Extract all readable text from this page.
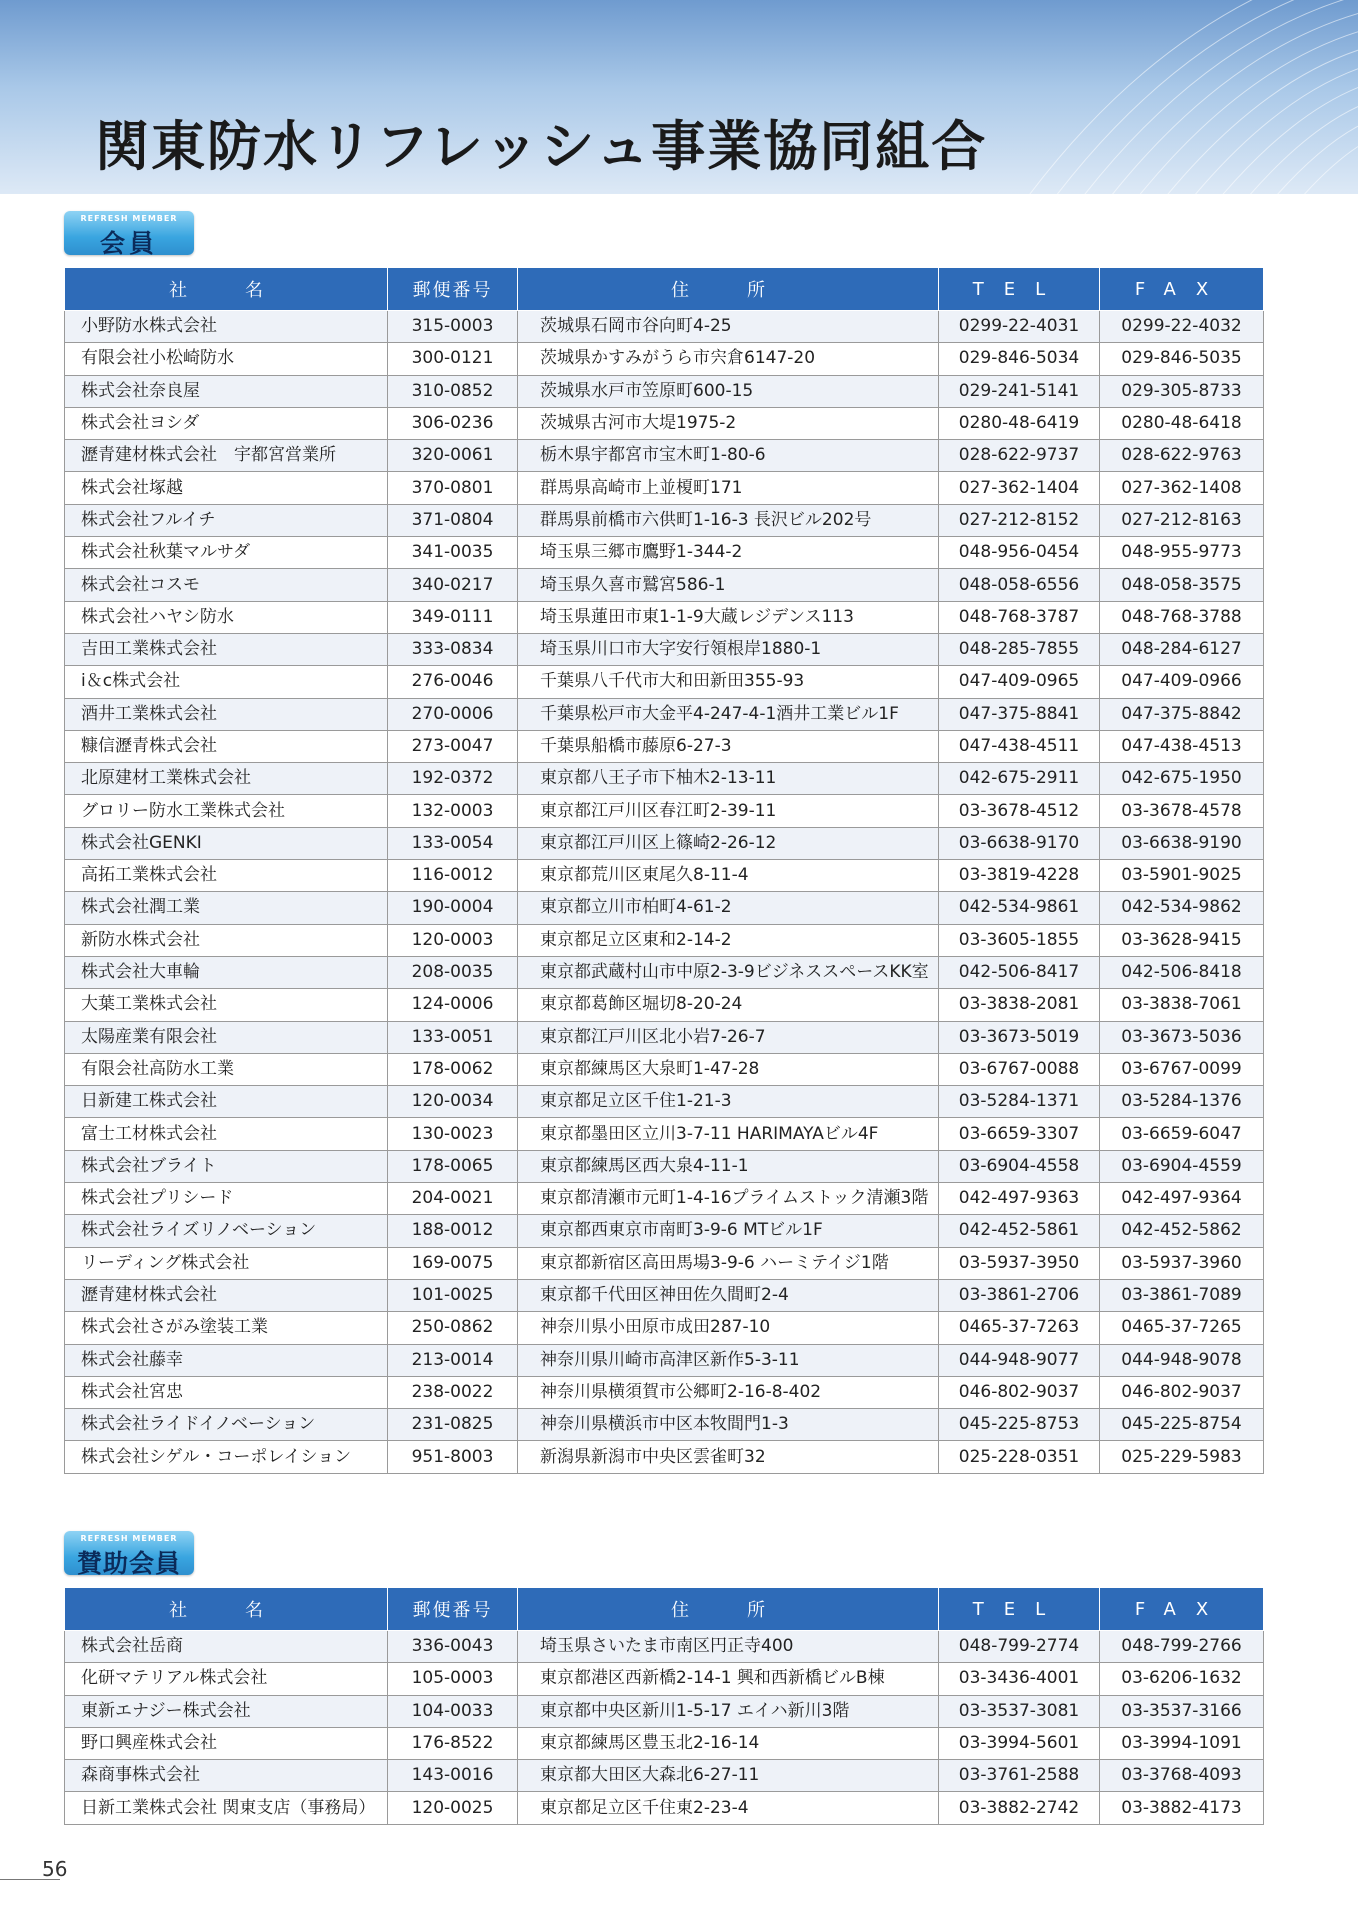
関東防水リフレッシュ事業協同組合
REFRESH MEMBER
会員
社　名	郵便番号	住　所	TEL	FAX
小野防水株式会社	315-0003	茨城県石岡市谷向町4-25	0299-22-4031	0299-22-4032
有限会社小松崎防水	300-0121	茨城県かすみがうら市宍倉6147-20	029-846-5034	029-846-5035
株式会社奈良屋	310-0852	茨城県水戸市笠原町600-15	029-241-5141	029-305-8733
株式会社ヨシダ	306-0236	茨城県古河市大堤1975-2	0280-48-6419	0280-48-6418
瀝青建材株式会社　宇都宮営業所	320-0061	栃木県宇都宮市宝木町1-80-6	028-622-9737	028-622-9763
株式会社塚越	370-0801	群馬県高崎市上並榎町171	027-362-1404	027-362-1408
株式会社フルイチ	371-0804	群馬県前橋市六供町1-16-3 長沢ビル202号	027-212-8152	027-212-8163
株式会社秋葉マルサダ	341-0035	埼玉県三郷市鷹野1-344-2	048-956-0454	048-955-9773
株式会社コスモ	340-0217	埼玉県久喜市鷲宮586-1	048-058-6556	048-058-3575
株式会社ハヤシ防水	349-0111	埼玉県蓮田市東1-1-9大蔵レジデンス113	048-768-3787	048-768-3788
吉田工業株式会社	333-0834	埼玉県川口市大字安行領根岸1880-1	048-285-7855	048-284-6127
i＆c株式会社	276-0046	千葉県八千代市大和田新田355-93	047-409-0965	047-409-0966
酒井工業株式会社	270-0006	千葉県松戸市大金平4-247-4-1酒井工業ビル1F	047-375-8841	047-375-8842
糠信瀝青株式会社	273-0047	千葉県船橋市藤原6-27-3	047-438-4511	047-438-4513
北原建材工業株式会社	192-0372	東京都八王子市下柚木2-13-11	042-675-2911	042-675-1950
グロリー防水工業株式会社	132-0003	東京都江戸川区春江町2-39-11	03-3678-4512	03-3678-4578
株式会社GENKI	133-0054	東京都江戸川区上篠崎2-26-12	03-6638-9170	03-6638-9190
高拓工業株式会社	116-0012	東京都荒川区東尾久8-11-4	03-3819-4228	03-5901-9025
株式会社潤工業	190-0004	東京都立川市柏町4-61-2	042-534-9861	042-534-9862
新防水株式会社	120-0003	東京都足立区東和2-14-2	03-3605-1855	03-3628-9415
株式会社大車輪	208-0035	東京都武蔵村山市中原2-3-9ビジネススペースKK室	042-506-8417	042-506-8418
大葉工業株式会社	124-0006	東京都葛飾区堀切8-20-24	03-3838-2081	03-3838-7061
太陽産業有限会社	133-0051	東京都江戸川区北小岩7-26-7	03-3673-5019	03-3673-5036
有限会社高防水工業	178-0062	東京都練馬区大泉町1-47-28	03-6767-0088	03-6767-0099
日新建工株式会社	120-0034	東京都足立区千住1-21-3	03-5284-1371	03-5284-1376
富士工材株式会社	130-0023	東京都墨田区立川3-7-11 HARIMAYAビル4F	03-6659-3307	03-6659-6047
株式会社ブライト	178-0065	東京都練馬区西大泉4-11-1	03-6904-4558	03-6904-4559
株式会社プリシード	204-0021	東京都清瀬市元町1-4-16プライムストック清瀬3階	042-497-9363	042-497-9364
株式会社ライズリノベーション	188-0012	東京都西東京市南町3-9-6 MTビル1F	042-452-5861	042-452-5862
リーディング株式会社	169-0075	東京都新宿区高田馬場3-9-6 ハーミテイジ1階	03-5937-3950	03-5937-3960
瀝青建材株式会社	101-0025	東京都千代田区神田佐久間町2-4	03-3861-2706	03-3861-7089
株式会社さがみ塗装工業	250-0862	神奈川県小田原市成田287-10	0465-37-7263	0465-37-7265
株式会社藤幸	213-0014	神奈川県川崎市高津区新作5-3-11	044-948-9077	044-948-9078
株式会社宮忠	238-0022	神奈川県横須賀市公郷町2-16-8-402	046-802-9037	046-802-9037
株式会社ライドイノベーション	231-0825	神奈川県横浜市中区本牧間門1-3	045-225-8753	045-225-8754
株式会社シゲル・コーポレイション	951-8003	新潟県新潟市中央区雲雀町32	025-228-0351	025-229-5983
REFRESH MEMBER
賛助会員
社　名	郵便番号	住　所	TEL	FAX
株式会社岳商	336-0043	埼玉県さいたま市南区円正寺400	048-799-2774	048-799-2766
化研マテリアル株式会社	105-0003	東京都港区西新橋2-14-1 興和西新橋ビルB棟	03-3436-4001	03-6206-1632
東新エナジー株式会社	104-0033	東京都中央区新川1-5-17 エイハ新川3階	03-3537-3081	03-3537-3166
野口興産株式会社	176-8522	東京都練馬区豊玉北2-16-14	03-3994-5601	03-3994-1091
森商事株式会社	143-0016	東京都大田区大森北6-27-11	03-3761-2588	03-3768-4093
日新工業株式会社 関東支店（事務局）	120-0025	東京都足立区千住東2-23-4	03-3882-2742	03-3882-4173
56
